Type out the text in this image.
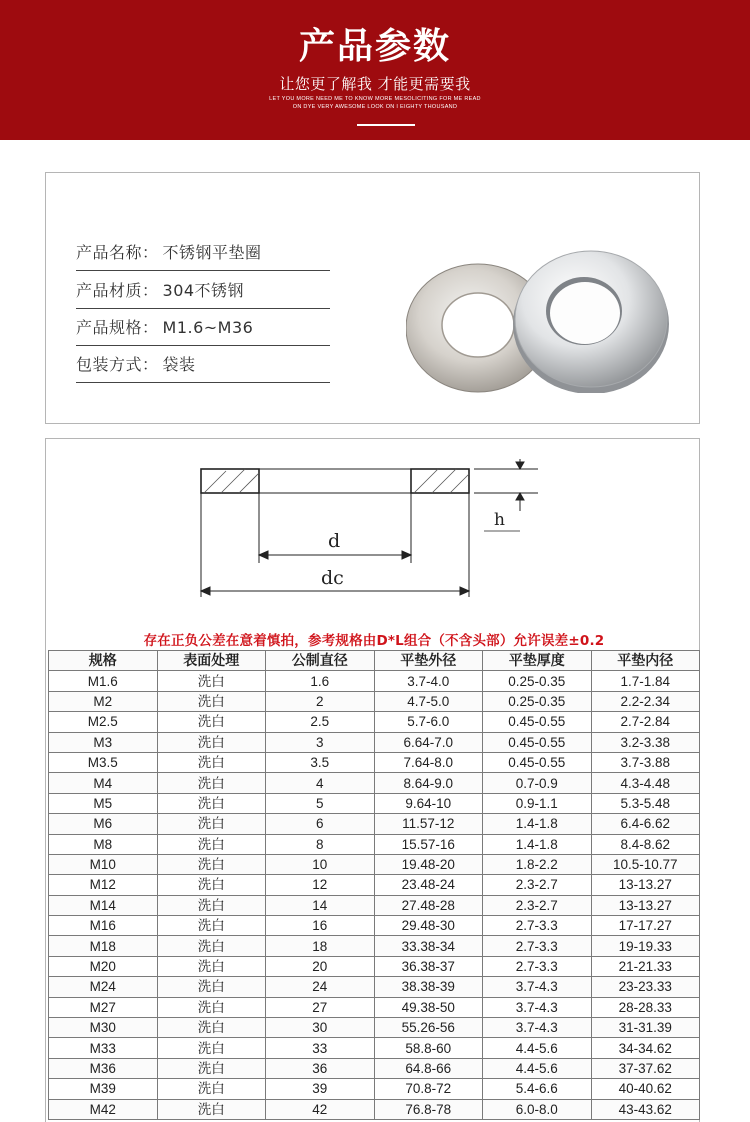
产品参数
让您更了解我 才能更需要我
LET YOU MORE NEED ME TO KNOW MORE MESOLICITING FOR ME READ
ON DYE VERY AWESOME LOOK ON I EIGHTY THOUSAND
产品名称： 不锈钢平垫圈
产品材质： 304不锈钢
产品规格： M1.6~M36
包装方式： 袋装
h
d
dc
存在正负公差在意着慎拍，参考规格由D*L组合（不含头部）允许误差±0.2
规格	表面处理	公制直径	平垫外径	平垫厚度	平垫内径
M1.6	洗白	1.6	3.7-4.0	0.25-0.35	1.7-1.84
M2	洗白	2	4.7-5.0	0.25-0.35	2.2-2.34
M2.5	洗白	2.5	5.7-6.0	0.45-0.55	2.7-2.84
M3	洗白	3	6.64-7.0	0.45-0.55	3.2-3.38
M3.5	洗白	3.5	7.64-8.0	0.45-0.55	3.7-3.88
M4	洗白	4	8.64-9.0	0.7-0.9	4.3-4.48
M5	洗白	5	9.64-10	0.9-1.1	5.3-5.48
M6	洗白	6	11.57-12	1.4-1.8	6.4-6.62
M8	洗白	8	15.57-16	1.4-1.8	8.4-8.62
M10	洗白	10	19.48-20	1.8-2.2	10.5-10.77
M12	洗白	12	23.48-24	2.3-2.7	13-13.27
M14	洗白	14	27.48-28	2.3-2.7	13-13.27
M16	洗白	16	29.48-30	2.7-3.3	17-17.27
M18	洗白	18	33.38-34	2.7-3.3	19-19.33
M20	洗白	20	36.38-37	2.7-3.3	21-21.33
M24	洗白	24	38.38-39	3.7-4.3	23-23.33
M27	洗白	27	49.38-50	3.7-4.3	28-28.33
M30	洗白	30	55.26-56	3.7-4.3	31-31.39
M33	洗白	33	58.8-60	4.4-5.6	34-34.62
M36	洗白	36	64.8-66	4.4-5.6	37-37.62
M39	洗白	39	70.8-72	5.4-6.6	40-40.62
M42	洗白	42	76.8-78	6.0-8.0	43-43.62
